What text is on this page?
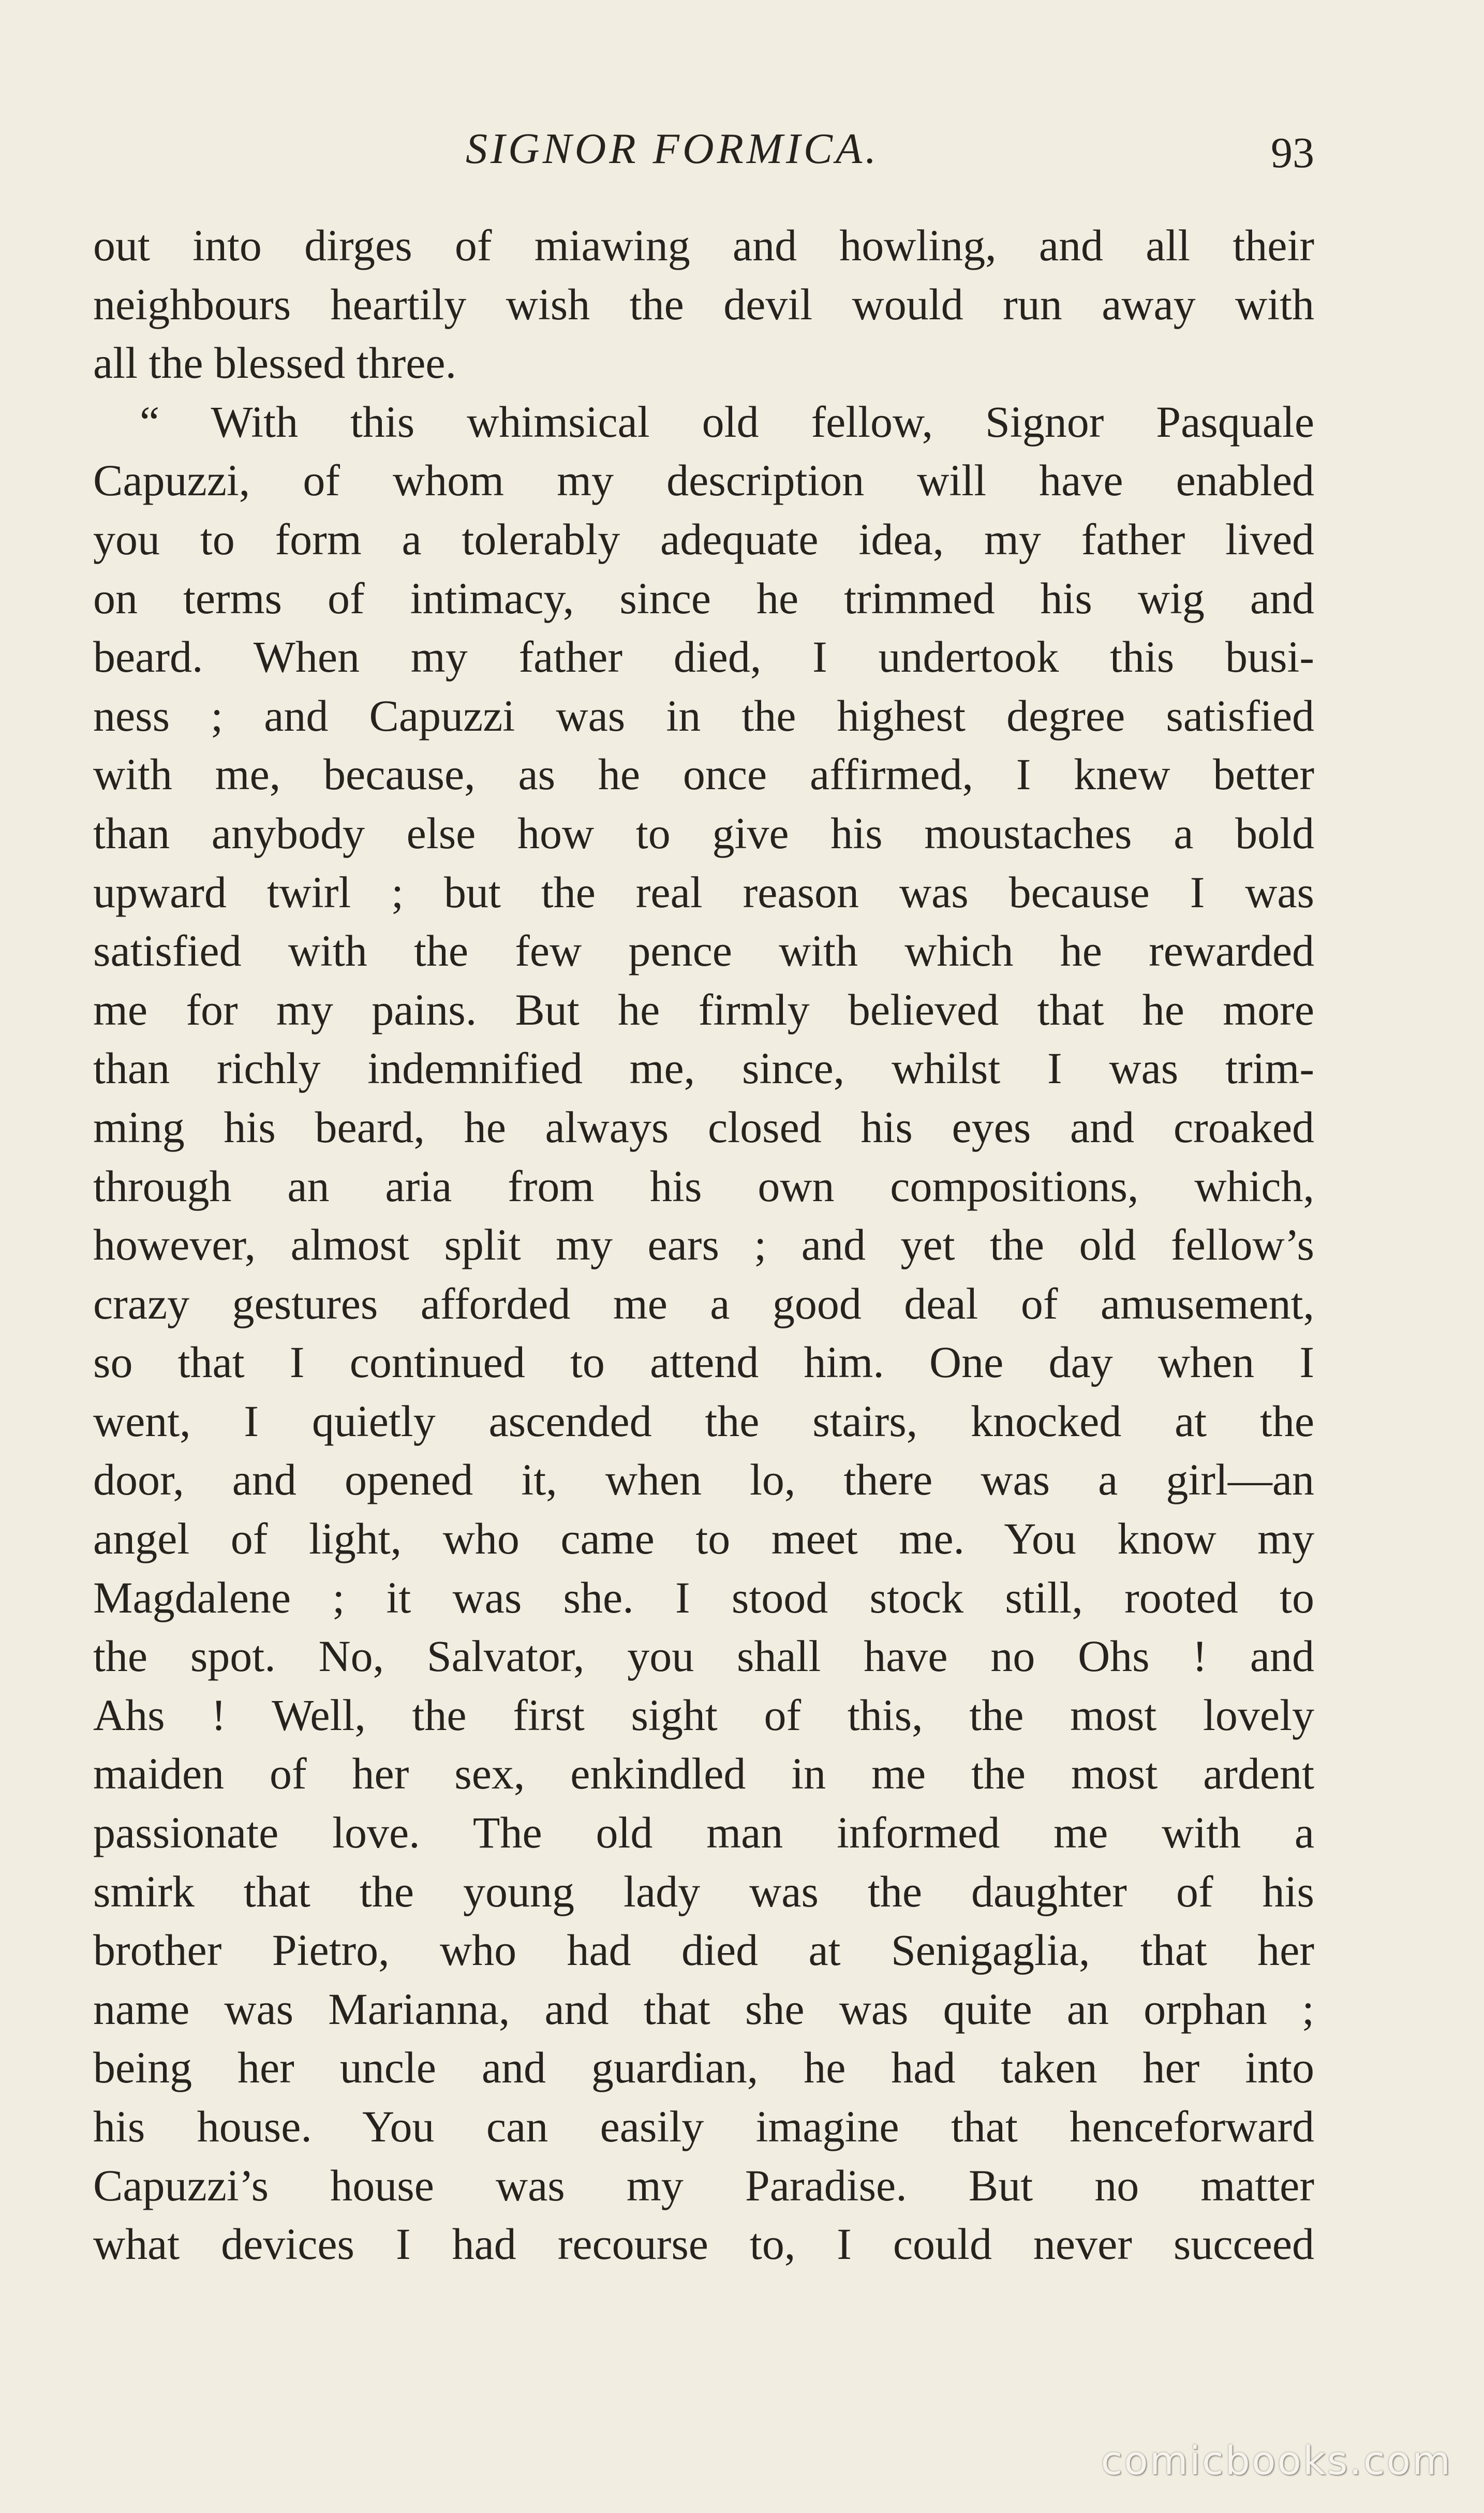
SIGNOR FORMICA.	93
out into dirges of miawing and howling, and all their
neighbours heartily wish the devil would run away with
all the blessed three.
“ With this whimsical old fellow, Signor Pasquale
Capuzzi, of whom my description will have enabled
you to form a tolerably adequate idea, my father lived
on terms of intimacy, since he trimmed his wig and
beard. When my father died, I undertook this busi-
ness ; and Capuzzi was in the highest degree satisfied
with me, because, as he once affirmed, I knew better
than anybody else how to give his moustaches a bold
upward twirl ; but the real reason was because I was
satisfied with the few pence with which he rewarded
me for my pains. But he firmly believed that he more
than richly indemnified me, since, whilst I was trim-
ming his beard, he always closed his eyes and croaked
through an aria from his own compositions, which,
however, almost split my ears ; and yet the old fellow’s
crazy gestures afforded me a good deal of amusement,
so that I continued to attend him. One day when I
went, I quietly ascended the stairs, knocked at the
door, and opened it, when lo, there was a girl—an
angel of light, who came to meet me. You know my
Magdalene ; it was she. I stood stock still, rooted to
the spot. No, Salvator, you shall have no Ohs ! and
Ahs ! Well, the first sight of this, the most lovely
maiden of her sex, enkindled in me the most ardent
passionate love. The old man informed me with a
smirk that the young lady was the daughter of his
brother Pietro, who had died at Senigaglia, that her
name was Marianna, and that she was quite an orphan ;
being her uncle and guardian, he had taken her into
his house. You can easily imagine that henceforward
Capuzzi’s house was my Paradise. But no matter
what devices I had recourse to, I could never succeed
comicbooks.com
